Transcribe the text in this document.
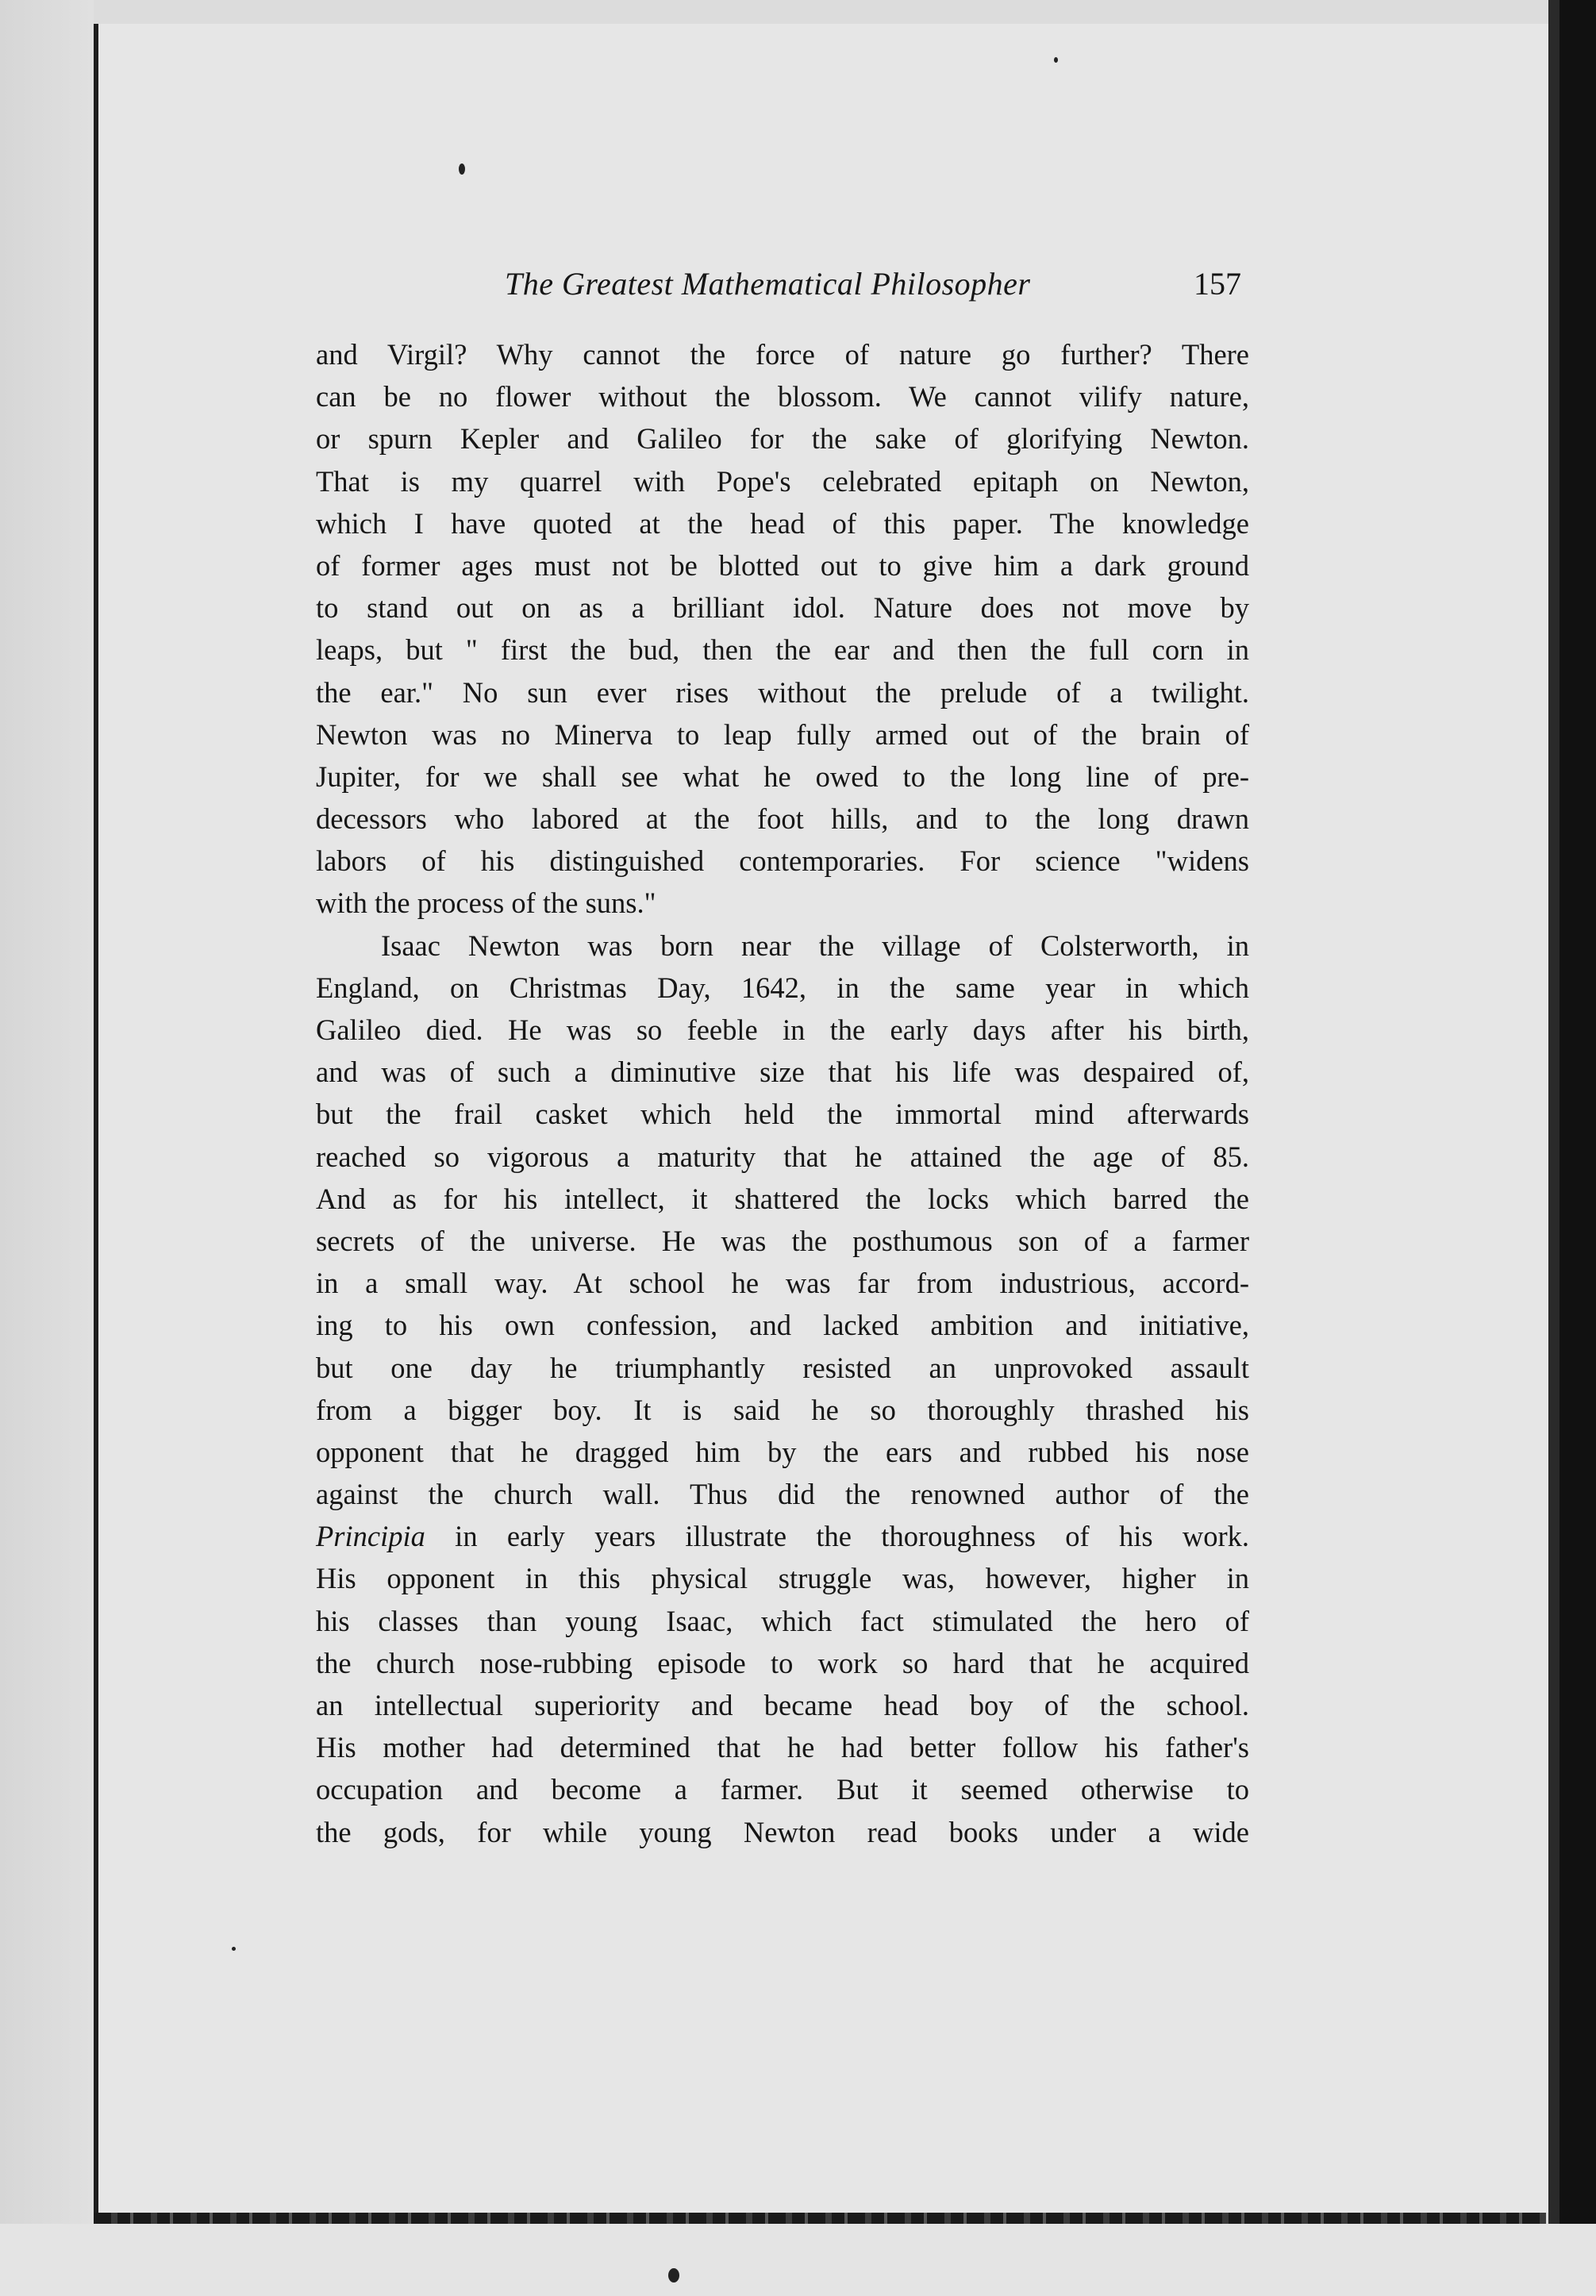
The Greatest Mathematical Philosopher	157
and Virgil? Why cannot the force of nature go further? There
can be no flower without the blossom. We cannot vilify nature,
or spurn Kepler and Galileo for the sake of glorifying Newton.
That is my quarrel with Pope's celebrated epitaph on Newton,
which I have quoted at the head of this paper. The knowledge
of former ages must not be blotted out to give him a dark ground
to stand out on as a brilliant idol. Nature does not move by
leaps, but " first the bud, then the ear and then the full corn in
the ear." No sun ever rises without the prelude of a twilight.
Newton was no Minerva to leap fully armed out of the brain of
Jupiter, for we shall see what he owed to the long line of pre-
decessors who labored at the foot hills, and to the long drawn
labors of his distinguished contemporaries. For science "widens
with the process of the suns."
Isaac Newton was born near the village of Colsterworth, in
England, on Christmas Day, 1642, in the same year in which
Galileo died. He was so feeble in the early days after his birth,
and was of such a diminutive size that his life was despaired of,
but the frail casket which held the immortal mind afterwards
reached so vigorous a maturity that he attained the age of 85.
And as for his intellect, it shattered the locks which barred the
secrets of the universe. He was the posthumous son of a farmer
in a small way. At school he was far from industrious, accord-
ing to his own confession, and lacked ambition and initiative,
but one day he triumphantly resisted an unprovoked assault
from a bigger boy. It is said he so thoroughly thrashed his
opponent that he dragged him by the ears and rubbed his nose
against the church wall. Thus did the renowned author of the
Principia in early years illustrate the thoroughness of his work.
His opponent in this physical struggle was, however, higher in
his classes than young Isaac, which fact stimulated the hero of
the church nose-rubbing episode to work so hard that he acquired
an intellectual superiority and became head boy of the school.
His mother had determined that he had better follow his father's
occupation and become a farmer. But it seemed otherwise to
the gods, for while young Newton read books under a wide
